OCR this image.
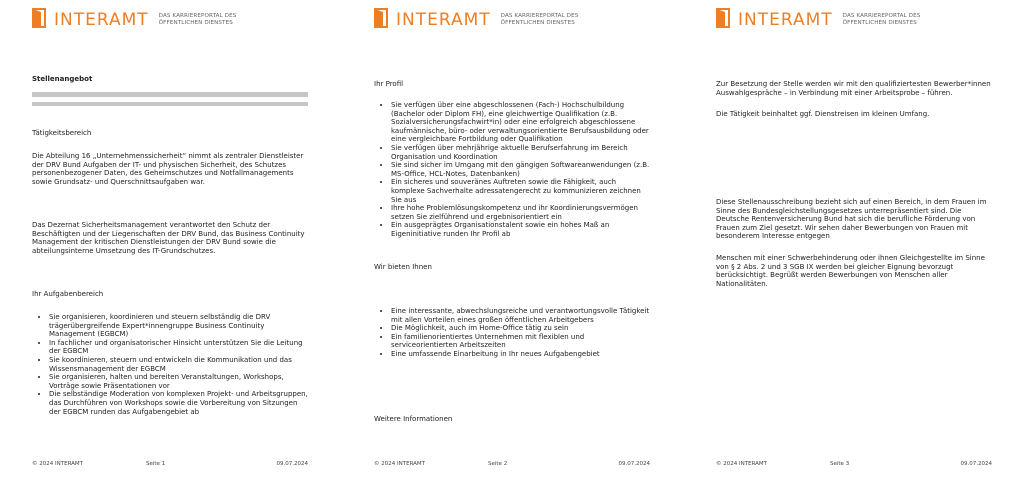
INTERAMT DAS KARRIEREPORTAL DES
ÖFFENTLICHEN DIENSTES

Stellenangebot

Tätigkeitsbereich

Die Abteilung 16 „Unternehmenssicherheit“ nimmt als zentraler Dienstleister der DRV Bund Aufgaben der IT- und physischen Sicherheit, des Schutzes personenbezogener Daten, des Geheimschutzes und Notfallmanagements sowie Grundsatz- und Querschnittsaufgaben war.

Das Dezernat Sicherheitsmanagement verantwortet den Schutz der Beschäftigten und der Liegenschaften der DRV Bund, das Business Continuity Management der kritischen Dienstleistungen der DRV Bund sowie die abteilungsinterne Umsetzung des IT-Grundschutzes.

Ihr Aufgabenbereich

• Sie organisieren, koordinieren und steuern selbständig die DRV trägerübergreifende Expert*innengruppe Business Continuity Management (EGBCM)
• In fachlicher und organisatorischer Hinsicht unterstützen Sie die Leitung der EGBCM
• Sie koordinieren, steuern und entwickeln die Kommunikation und das Wissensmanagement der EGBCM
• Sie organisieren, halten und bereiten Veranstaltungen, Workshops, Vorträge sowie Präsentationen vor
• Die selbständige Moderation von komplexen Projekt- und Arbeitsgruppen, das Durchführen von Workshops sowie die Vorbereitung von Sitzungen der EGBCM runden das Aufgabengebiet ab
© 2024 INTERAMT	Seite 1	09.07.2024
INTERAMT DAS KARRIEREPORTAL DES
ÖFFENTLICHEN DIENSTES

Ihr Profil

• Sie verfügen über eine abgeschlossenen (Fach-) Hochschulbildung (Bachelor oder Diplom FH), eine gleichwertige Qualifikation (z.B. Sozialversicherungsfachwirt*in) oder eine erfolgreich abgeschlossene kaufmännische, büro- oder verwaltungsorientierte Berufsausbildung oder eine vergleichbare Fortbildung oder Qualifikation
• Sie verfügen über mehrjährige aktuelle Berufserfahrung im Bereich Organisation und Koordination
• Sie sind sicher im Umgang mit den gängigen Softwareanwendungen (z.B. MS-Office, HCL-Notes, Datenbanken)
• Ein sicheres und souveränes Auftreten sowie die Fähigkeit, auch komplexe Sachverhalte adressatengerecht zu kommunizieren zeichnen Sie aus
• Ihre hohe Problemlösungskompetenz und ihr Koordinierungsvermögen setzen Sie zielführend und ergebnisorientiert ein
• Ein ausgeprägtes Organisationstalent sowie ein hohes Maß an Eigeninitiative runden Ihr Profil ab

Wir bieten Ihnen

• Eine interessante, abwechslungsreiche und verantwortungsvolle Tätigkeit mit allen Vorteilen eines großen öffentlichen Arbeitgebers
• Die Möglichkeit, auch im Home-Office tätig zu sein
• Ein familienorientiertes Unternehmen mit flexiblen und serviceorientierten Arbeitszeiten
• Eine umfassende Einarbeitung in Ihr neues Aufgabengebiet

Weitere Informationen

© 2024 INTERAMT	Seite 2	09.07.2024
INTERAMT DAS KARRIEREPORTAL DES
ÖFFENTLICHEN DIENSTES

Zur Besetzung der Stelle werden wir mit den qualifiziertesten Bewerber*innen Auswahlgespräche – in Verbindung mit einer Arbeitsprobe – führen.

Die Tätigkeit beinhaltet ggf. Dienstreisen im kleinen Umfang.

Diese Stellenausschreibung bezieht sich auf einen Bereich, in dem Frauen im Sinne des Bundesgleichstellungsgesetzes unterrepräsentiert sind. Die Deutsche Rentenversicherung Bund hat sich die berufliche Förderung von Frauen zum Ziel gesetzt. Wir sehen daher Bewerbungen von Frauen mit besonderem Interesse entgegen

Menschen mit einer Schwerbehinderung oder ihnen Gleichgestellte im Sinne von § 2 Abs. 2 und 3 SGB IX werden bei gleicher Eignung bevorzugt berücksichtigt. Begrüßt werden Bewerbungen von Menschen aller Nationalitäten.

© 2024 INTERAMT	Seite 3	09.07.2024
